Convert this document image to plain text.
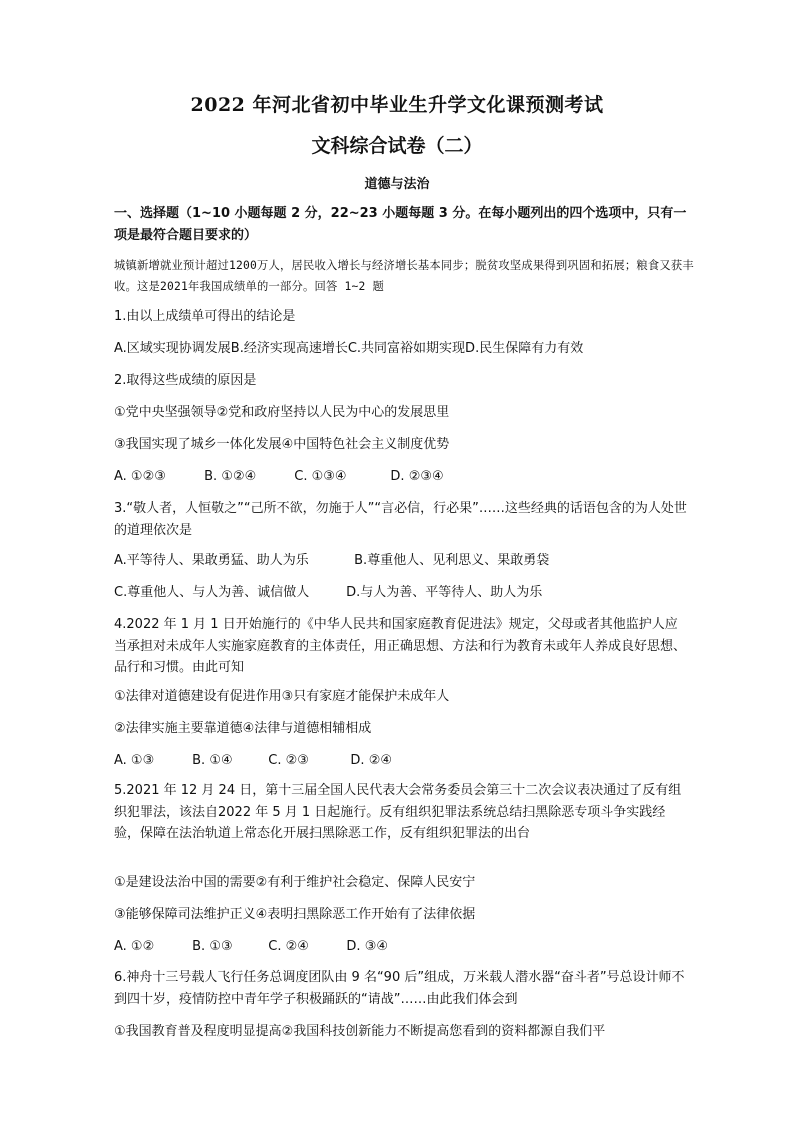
2022 年河北省初中毕业生升学文化课预测考试
文科综合试卷（二）
道德与法治
一、选择题（1~10 小题每题 2 分，22~23 小题每题 3 分。在每小题列出的四个选项中，只有一项是最符合题目要求的）
城镇新增就业预计超过1200万人，居民收入增长与经济增长基本同步；脱贫攻坚成果得到巩固和拓展；粮食又获丰收。这是2021年我国成绩单的一部分。回答 1~2 题
1.由以上成绩单可得出的结论是
A.区域实现协调发展B.经济实现高速增长C.共同富裕如期实现D.民生保障有力有效
2.取得这些成绩的原因是
①党中央坚强领导②党和政府坚持以人民为中心的发展思里
③我国实现了城乡一体化发展④中国特色社会主义制度优势
A. ①②③	B. ①②④	C. ①③④	D. ②③④
3.“敬人者，人恒敬之”“己所不欲，勿施于人”“言必信，行必果”……这些经典的话语包含的为人处世的道理依次是
A.平等待人、果敢勇猛、助人为乐	B.尊重他人、见利思义、果敢勇袋
C.尊重他人、与人为善、诚信做人	D.与人为善、平等待人、助人为乐
4.2022 年 1 月 1 日开始施行的《中华人民共和国家庭教育促进法》规定，父母或者其他监护人应当承担对未成年人实施家庭教育的主体责任，用正确思想、方法和行为教育未或年人养成良好思想、品行和习惯。由此可知
①法律对道德建设有促进作用③只有家庭才能保护未成年人
②法律实施主要靠道德④法律与道德相辅相成
A. ①③	B. ①④	C. ②③	D. ②④
5.2021 年 12 月 24 日，第十三届全国人民代表大会常务委员会第三十二次会议表决通过了反有组织犯罪法，该法自2022 年 5 月 1 日起施行。反有组织犯罪法系统总结扫黑除恶专项斗争实践经验，保障在法治轨道上常态化开展扫黑除恶工作，反有组织犯罪法的出台
①是建设法治中国的需要②有利于维护社会稳定、保障人民安宁
③能够保障司法维护正义④表明扫黑除恶工作开始有了法律依据
A. ①②	B. ①③	C. ②④	D. ③④
6.神舟十三号载人飞行任务总调度团队由 9 名“90 后”组成，万米载人潜水器“奋斗者”号总设计师不到四十岁，疫情防控中青年学子积极踊跃的“请战”……由此我们体会到
①我国教育普及程度明显提高②我国科技创新能力不断提高您看到的资料都源自我们平
